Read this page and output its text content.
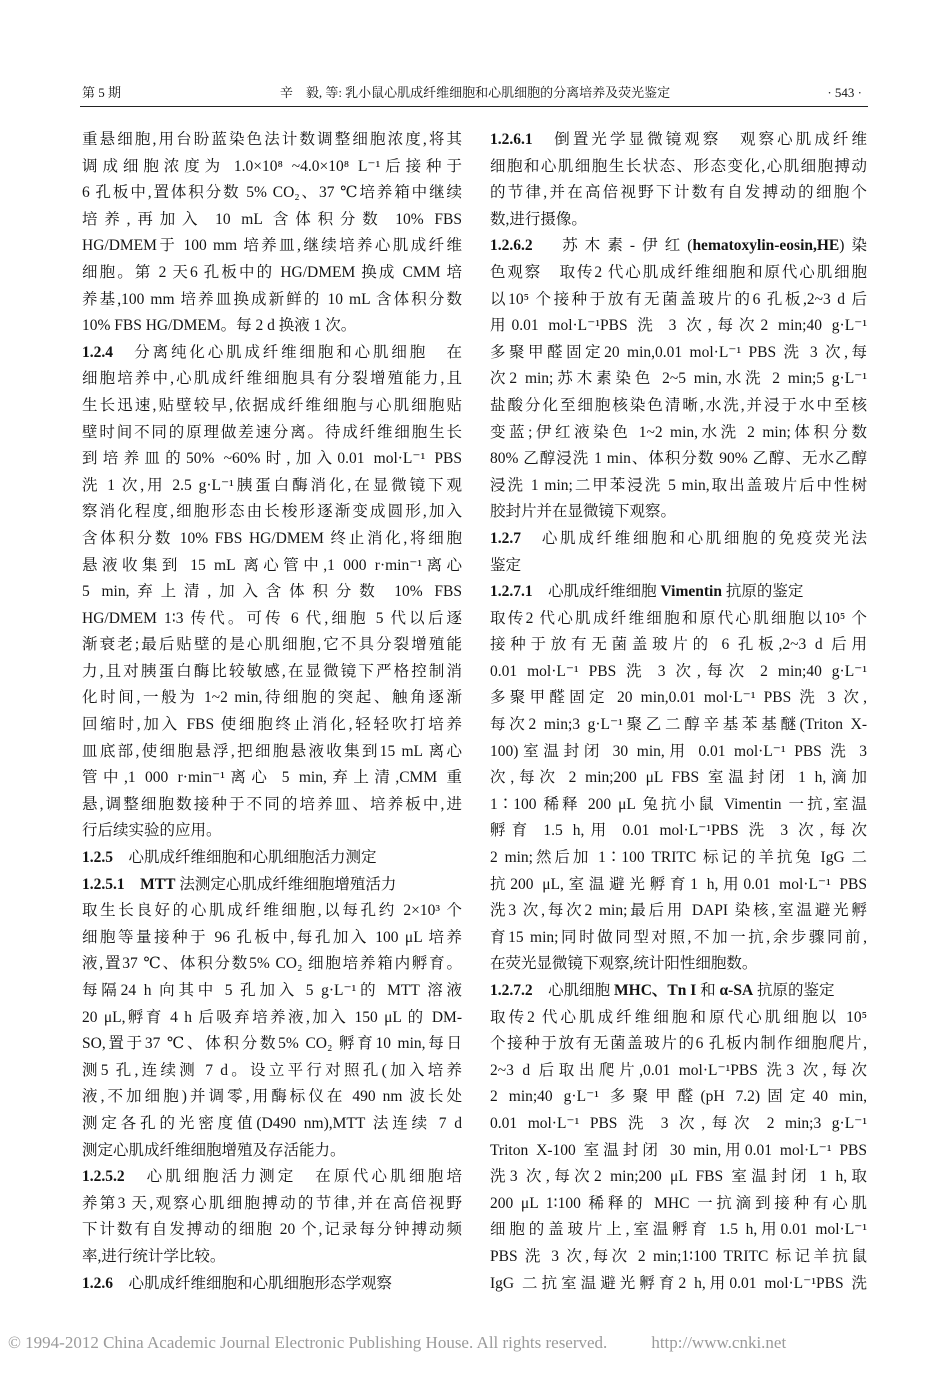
第 5 期	辛　毅, 等: 乳小鼠心肌成纤维细胞和心肌细胞的分离培养及荧光鉴定	· 543 ·
重悬细胞,用台盼蓝染色法计数调整细胞浓度,将其
调成细胞浓度为 1.0×10⁸ ~4.0×10⁸ L⁻¹后接种于
6 孔板中,置体积分数 5% CO₂、37 ℃培养箱中继续
培养,再加入 10 mL 含体积分数 10% FBS
HG/DMEM于 100 mm 培养皿,继续培养心肌成纤维
细胞。第 2 天6 孔板中的 HG/DMEM 换成 CMM 培
养基,100 mm 培养皿换成新鲜的 10 mL 含体积分数
10% FBS HG/DMEM。每 2 d 换液 1 次。
1.2.4　分离纯化心肌成纤维细胞和心肌细胞　在
细胞培养中,心肌成纤维细胞具有分裂增殖能力,且
生长迅速,贴壁较早,依据成纤维细胞与心肌细胞贴
壁时间不同的原理做差速分离。待成纤维细胞生长
到培养皿的50% ~60%时,加入0.01 mol·L⁻¹ PBS
洗 1 次,用 2.5 g·L⁻¹胰蛋白酶消化,在显微镜下观
察消化程度,细胞形态由长梭形逐渐变成圆形,加入
含体积分数 10% FBS HG/DMEM 终止消化,将细胞
悬液收集到 15 mL 离心管中,1 000 r·min⁻¹离心
5 min,弃上清,加入含体积分数 10% FBS
HG/DMEM 1∶3 传代。可传 6 代,细胞 5 代以后逐
渐衰老;最后贴壁的是心肌细胞,它不具分裂增殖能
力,且对胰蛋白酶比较敏感,在显微镜下严格控制消
化时间,一般为 1~2 min,待细胞的突起、触角逐渐
回缩时,加入 FBS 使细胞终止消化,轻轻吹打培养
皿底部,使细胞悬浮,把细胞悬液收集到15 mL 离心
管中,1 000 r·min⁻¹离心 5 min,弃上清,CMM 重
悬,调整细胞数接种于不同的培养皿、培养板中,进
行后续实验的应用。
1.2.5　心肌成纤维细胞和心肌细胞活力测定
1.2.5.1　 MTT 法测定心肌成纤维细胞增殖活力
取生长良好的心肌成纤维细胞,以每孔约 2×10³ 个
细胞等量接种于 96 孔板中,每孔加入 100 μL 培养
液,置37 ℃、体积分数5% CO₂ 细胞培养箱内孵育。
每隔24 h 向其中 5 孔加入 5 g·L⁻¹的 MTT 溶液
20 μL,孵育 4 h 后吸弃培养液,加入 150 μL 的 DM-
SO,置于37 ℃、体积分数5% CO₂ 孵育10 min,每日
测5 孔,连续测 7 d。设立平行对照孔(加入培养
液,不加细胞)并调零,用酶标仪在 490 nm 波长处
测定各孔的光密度值(D490 nm),MTT 法连续 7 d
测定心肌成纤维细胞增殖及存活能力。
1.2.5.2　心肌细胞活力测定　在原代心肌细胞培
养第3 天,观察心肌细胞搏动的节律,并在高倍视野
下计数有自发搏动的细胞 20 个,记录每分钟搏动频
率,进行统计学比较。
1.2.6　心肌成纤维细胞和心肌细胞形态学观察
1.2.6.1　倒置光学显微镜观察　观察心肌成纤维
细胞和心肌细胞生长状态、形态变化,心肌细胞搏动
的节律,并在高倍视野下计数有自发搏动的细胞个
数,进行摄像。
1.2.6.2　苏木素-伊红(hematoxylin-eosin,HE)染
色观察　取传2 代心肌成纤维细胞和原代心肌细胞
以10⁵ 个接种于放有无菌盖玻片的6 孔板,2~3 d 后
用0.01 mol·L⁻¹PBS 洗 3 次,每次2 min;40 g·L⁻¹
多聚甲醛固定20 min,0.01 mol·L⁻¹ PBS 洗 3 次,每
次2 min;苏木素染色 2~5 min,水洗 2 min;5 g·L⁻¹
盐酸分化至细胞核染色清晰,水洗,并浸于水中至核
变蓝;伊红液染色 1~2 min,水洗 2 min;体积分数
80% 乙醇浸洗 1 min、体积分数 90% 乙醇、无水乙醇
浸洗 1 min;二甲苯浸洗 5 min,取出盖玻片后中性树
胶封片并在显微镜下观察。
1.2.7　心肌成纤维细胞和心肌细胞的免疫荧光法
鉴定
1.2.7.1　心肌成纤维细胞 Vimentin 抗原的鉴定
取传2 代心肌成纤维细胞和原代心肌细胞以10⁵ 个
接种于放有无菌盖玻片的 6 孔板,2~3 d 后用
0.01 mol·L⁻¹ PBS 洗 3 次,每次 2 min;40 g·L⁻¹
多聚甲醛固定 20 min,0.01 mol·L⁻¹ PBS 洗 3 次,
每次2 min;3 g·L⁻¹聚乙二醇辛基苯基醚(Triton X-
100)室温封闭 30 min,用 0.01 mol·L⁻¹ PBS 洗 3
次,每次 2 min;200 μL FBS 室温封闭 1 h,滴加
1∶100 稀释 200 μL 兔抗小鼠 Vimentin 一抗,室温
孵育 1.5 h,用 0.01 mol·L⁻¹PBS 洗 3 次,每次
2 min;然后加 1∶100 TRITC 标记的羊抗兔 IgG 二
抗200 μL,室温避光孵育1 h,用0.01 mol·L⁻¹ PBS
洗3 次,每次2 min;最后用 DAPI 染核,室温避光孵
育15 min;同时做同型对照,不加一抗,余步骤同前,
在荧光显微镜下观察,统计阳性细胞数。
1.2.7.2　心肌细胞 MHC、Tn I 和 α-SA 抗原的鉴定
取传2 代心肌成纤维细胞和原代心肌细胞以 10⁵
个接种于放有无菌盖玻片的6 孔板内制作细胞爬片,
2~3 d 后取出爬片,0.01 mol·L⁻¹PBS 洗3 次,每次
2 min;40 g·L⁻¹ 多聚甲醛(pH 7.2)固定40 min,
0.01 mol·L⁻¹ PBS 洗 3 次,每次 2 min;3 g·L⁻¹
Triton X-100 室温封闭 30 min,用0.01 mol·L⁻¹ PBS
洗3 次,每次2 min;200 μL FBS 室温封闭 1 h,取
200 μL 1∶100 稀释的 MHC 一抗滴到接种有心肌
细胞的盖玻片上,室温孵育 1.5 h,用0.01 mol·L⁻¹
PBS 洗 3 次,每次 2 min;1∶100 TRITC 标记羊抗鼠
IgG 二抗室温避光孵育2 h,用0.01 mol·L⁻¹PBS 洗
© 1994-2012 China Academic Journal Electronic Publishing House. All rights reserved.	http://www.cnki.net
